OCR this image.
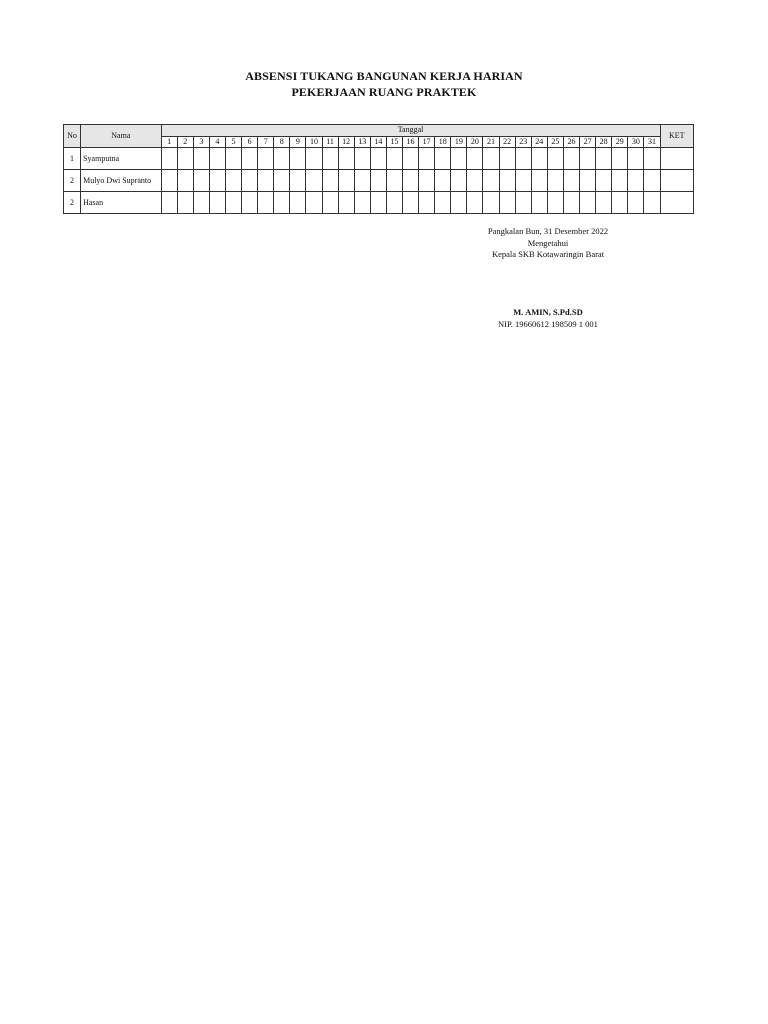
ABSENSI TUKANG BANGUNAN KERJA HARIAN
PEKERJAAN RUANG PRAKTEK
No	Nama	Tanggal																															KET
		1	2	3	4	5	6	7	8	9	10	11	12	13	14	15	16	17	18	19	20	21	22	23	24	25	26	27	28	29	30	31	
1	Syamputna																																
2	Mulyo Dwi Supranto																																
2	Hasan																																
Pangkalan Bun, 31 Desember 2022
Mengetahui
Kepala SKB Kotawaringin Barat
M. AMIN, S.Pd.SD
NIP. 19660612 198509 1 001
